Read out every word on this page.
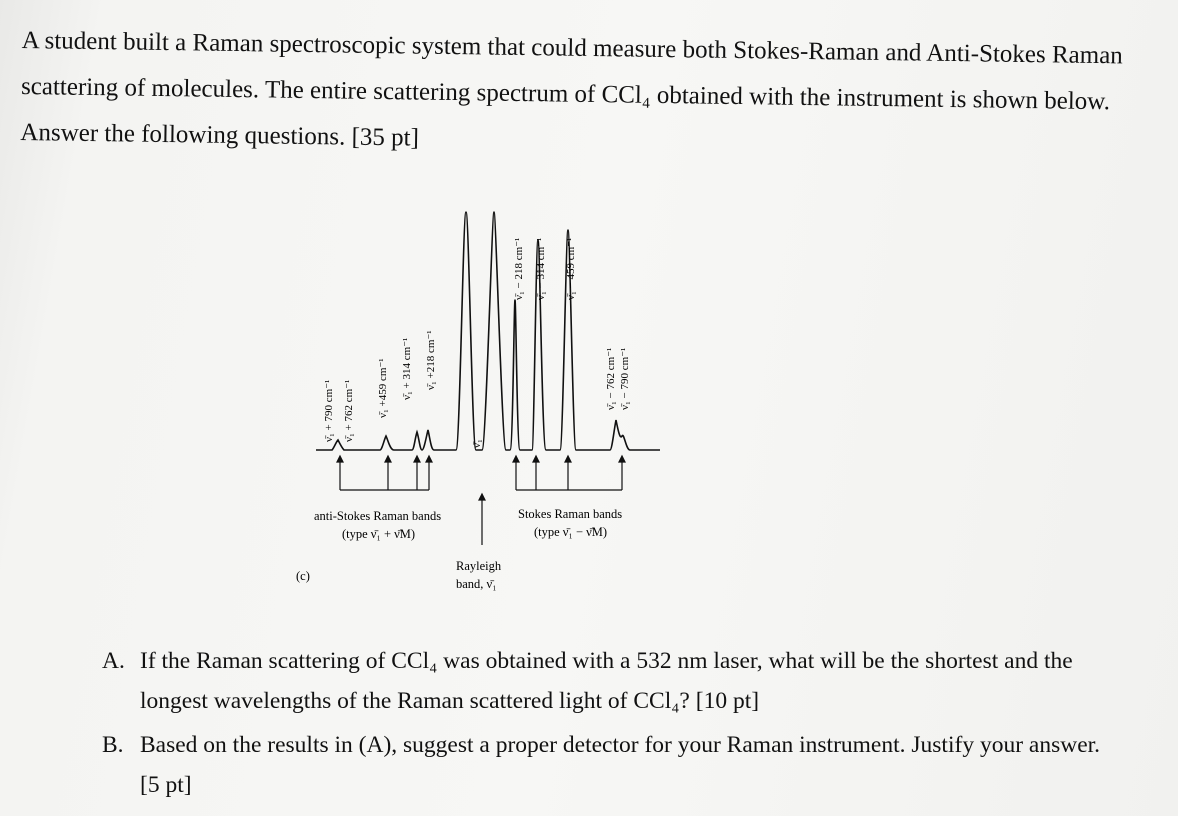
A student built a Raman spectroscopic system that could measure both Stokes-Raman and Anti-Stokes Raman
scattering of molecules. The entire scattering spectrum of CCl₄ obtained with the instrument is shown below.
Answer the following questions. [35 pt]
ν̄₁ + 790 cm⁻¹ ν̄₁ + 762 cm⁻¹ ν̄₁ +459 cm⁻¹ ν̄₁ + 314 cm⁻¹ ν̄₁ +218 cm⁻¹
ν̄₁
ν̄₁ − 218 cm⁻¹ ν̄₁ − 314 cm⁻¹ ν̄₁ − 459 cm⁻¹
ν̄₁ − 762 cm⁻¹ ν̄₁ − 790 cm⁻¹
anti-Stokes Raman bands
(type ν̄₁ + ν̄M)
Stokes Raman bands
(type ν̄₁ − ν̄M)
Rayleigh
band, ν̄₁
(c)
A. If the Raman scattering of CCl₄ was obtained with a 532 nm laser, what will be the shortest and the
longest wavelengths of the Raman scattered light of CCl₄? [10 pt]
B. Based on the results in (A), suggest a proper detector for your Raman instrument. Justify your answer.
[5 pt]
